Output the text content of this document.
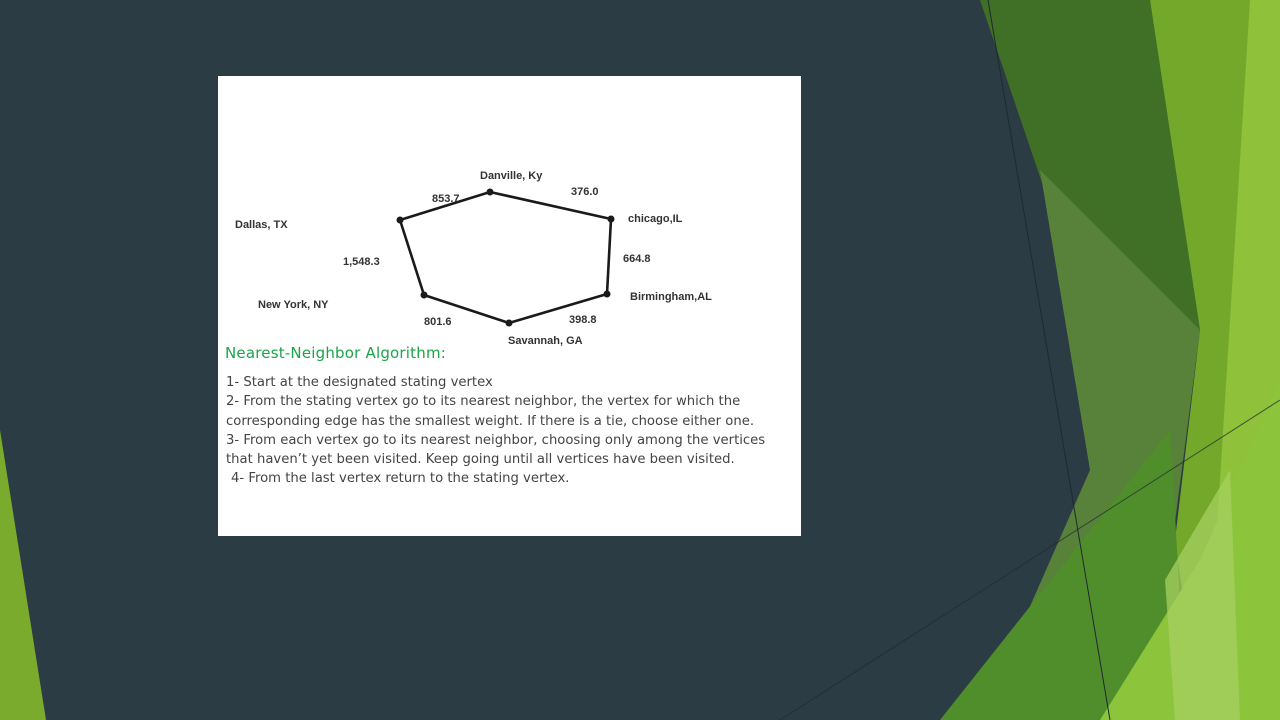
Danville, Ky
chicago,IL
Dallas, TX
Birmingham,AL
New York, NY
Savannah, GA
853.7
376.0
1,548.3	664.8
801.6	398.8
Nearest-Neighbor Algorithm:
1- Start at the designated stating vertex
2- From the stating vertex go to its nearest neighbor, the vertex for which the
corresponding edge has the smallest weight. If there is a tie, choose either one.
3- From each vertex go to its nearest neighbor, choosing only among the vertices
that haven’t yet been visited. Keep going until all vertices have been visited.
4- From the last vertex return to the stating vertex.
